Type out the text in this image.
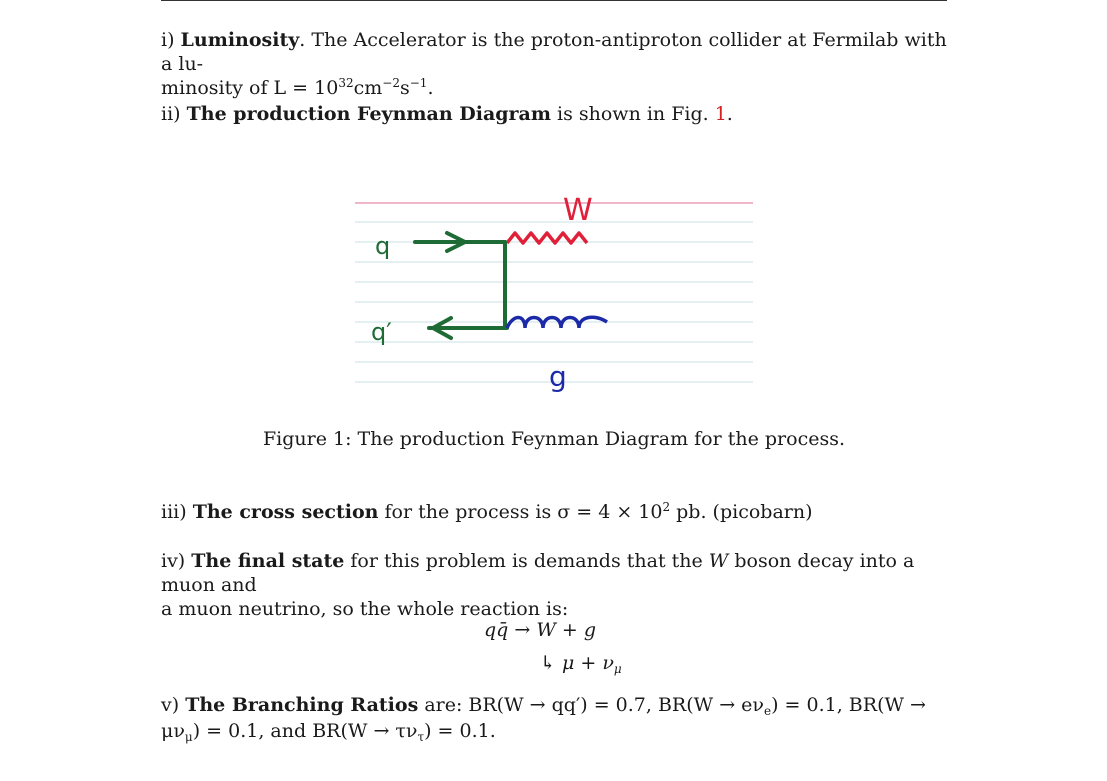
i) Luminosity. The Accelerator is the proton-antiproton collider at Fermilab with a lu-
minosity of $L = 10^{32}cm^{-2}s^{-1}$.

ii) The production Feynman Diagram is shown in Fig. 1.

W
q
q′
g
Figure 1: The production Feynman Diagram for the process.

iii) The cross section for the process is $\sigma = 4 \times 10^2$ pb. (picobarn)

iv) The final state for this problem is demands that the W boson decay into a muon and
a muon neutrino, so the whole reaction is:

qq̄ → W + g
↳ $\mu + \nu_\mu$

v) The Branching Ratios are: BR(W → qq′) = 0.7, $BR(W \to e\nu_e) = 0.1$, BR(W →
$\mu\nu_\mu) = 0.1$, and $BR(W \to \tau\nu_\tau) = 0.1$.
